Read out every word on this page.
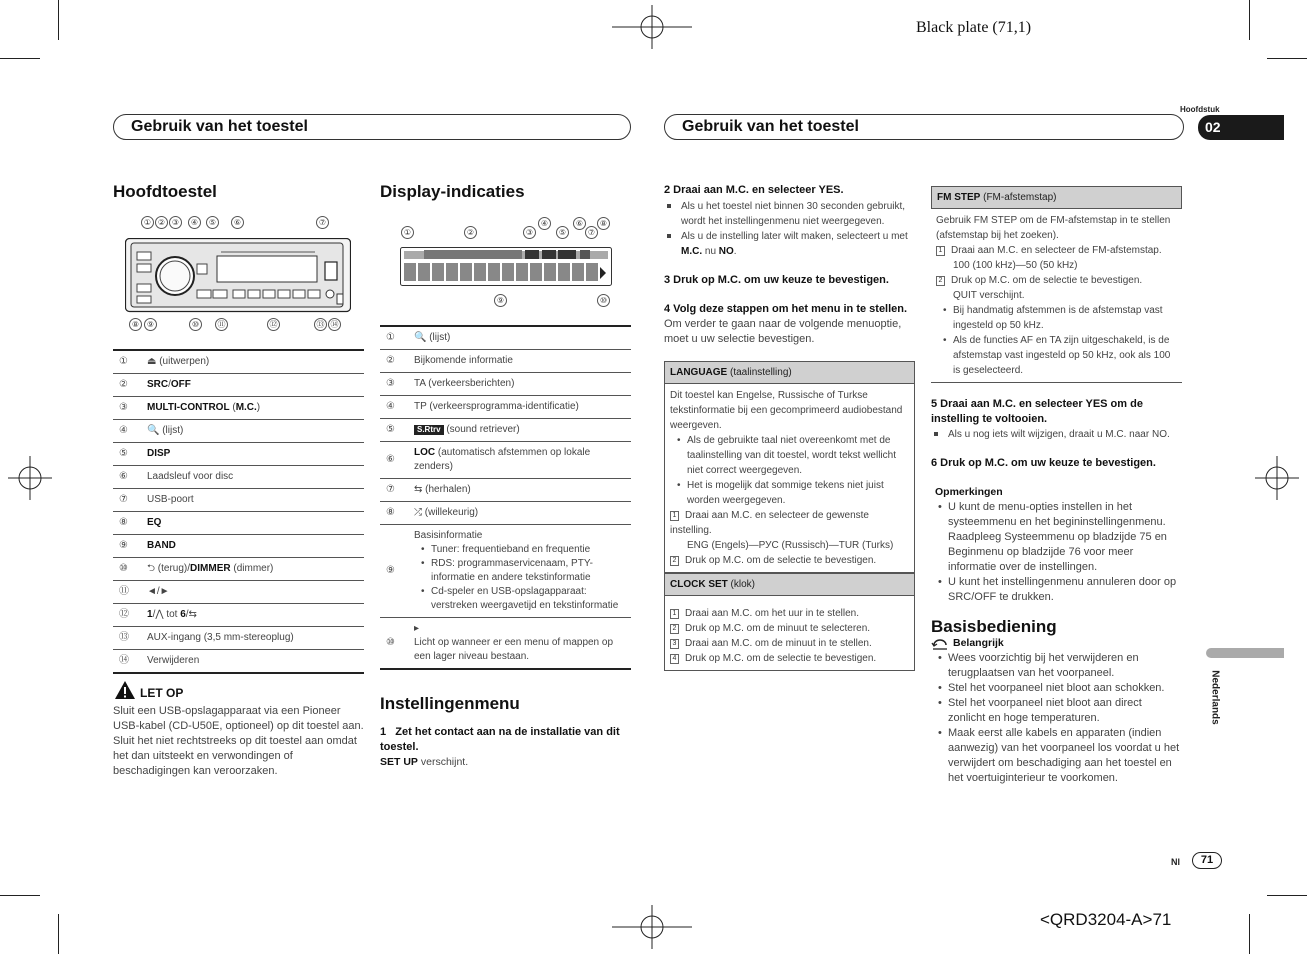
Black plate (71,1)
<QRD3204-A>71
Hoofdstuk
02
Nederlands
Nl	71
Gebruik van het toestel	Gebruik van het toestel
Hoofdtoestel
① ② ③	④	⑤	⑥	⑦
⑧ ⑨	⑩	⑪	⑫	⑬ ⑭
①	⏏ (uitwerpen)
②	SRC/OFF
③	MULTI-CONTROL (M.C.)
④	🔍 (lijst)
⑤	DISP
⑥	Laadsleuf voor disc
⑦	USB-poort
⑧	EQ
⑨	BAND
⑩	⮌ (terug)/DIMMER (dimmer)
⑪	◄/►
⑫	1/⋀ tot 6/⇆
⑬	AUX-ingang (3,5 mm-stereoplug)
⑭	Verwijderen
LET OP
Sluit een USB-opslagapparaat via een Pioneer USB-kabel (CD-U50E, optioneel) op dit toestel aan. Sluit het niet rechtstreeks op dit toestel aan omdat het dan uitsteekt en verwondingen of beschadigingen kan veroorzaken.
Display-indicaties
①	②	③
④
⑤
⑥
⑦
⑧
⑨	⑩
①	🔍 (lijst)
②	Bijkomende informatie
③	TA (verkeersberichten)
④	TP (verkeersprogramma-identificatie)
⑤	S.Rtrv (sound retriever)
⑥	LOC (automatisch afstemmen op lokale zenders)
⑦	⇆ (herhalen)
⑧	⤮ (willekeurig)
⑨	Basisinformatie
• Tuner: frequentieband en frequentie
• RDS: programmaservicenaam, PTY-informatie en andere tekstinformatie
• Cd-speler en USB-opslagapparaat: verstreken weergavetijd en tekstinformatie

⑩	▸
Licht op wanneer er een menu of mappen op een lager niveau bestaan.
Instellingenmenu
1 Zet het contact aan na de installatie van dit toestel.
SET UP verschijnt.
2 Draai aan M.C. en selecteer YES.
Als u het toestel niet binnen 30 seconden gebruikt, wordt het instellingenmenu niet weergegeven.
Als u de instelling later wilt maken, selecteert u met M.C. nu NO.
3 Druk op M.C. om uw keuze te bevestigen.
4 Volg deze stappen om het menu in te stellen.
Om verder te gaan naar de volgende menuoptie, moet u uw selectie bevestigen.
LANGUAGE (taalinstelling)
Dit toestel kan Engelse, Russische of Turkse tekstinformatie bij een gecomprimeerd audiobestand weergeven.
• Als de gebruikte taal niet overeenkomt met de taalinstelling van dit toestel, wordt tekst wellicht niet correct weergegeven.
• Het is mogelijk dat sommige tekens niet juist worden weergegeven.
1 Draai aan M.C. en selecteer de gewenste instelling.
ENG (Engels)—РУС (Russisch)—TUR (Turks)
2 Druk op M.C. om de selectie te bevestigen.
CLOCK SET (klok)
1 Draai aan M.C. om het uur in te stellen.
2 Druk op M.C. om de minuut te selecteren.
3 Draai aan M.C. om de minuut in te stellen.
4 Druk op M.C. om de selectie te bevestigen.
FM STEP (FM-afstemstap)
Gebruik FM STEP om de FM-afstemstap in te stellen (afstemstap bij het zoeken).
1 Draai aan M.C. en selecteer de FM-afstemstap.
100 (100 kHz)—50 (50 kHz)
2 Druk op M.C. om de selectie te bevestigen.
QUIT verschijnt.
• Bij handmatig afstemmen is de afstemstap vast ingesteld op 50 kHz.
• Als de functies AF en TA zijn uitgeschakeld, is de afstemstap vast ingesteld op 50 kHz, ook als 100 is geselecteerd.
5 Draai aan M.C. en selecteer YES om de instelling te voltooien.
Als u nog iets wilt wijzigen, draait u M.C. naar NO.
6 Druk op M.C. om uw keuze te bevestigen.
Opmerkingen
• U kunt de menu-opties instellen in het systeemmenu en het begininstellingenmenu. Raadpleeg Systeemmenu op bladzijde 75 en Beginmenu op bladzijde 76 voor meer informatie over de instellingen.
• U kunt het instellingenmenu annuleren door op SRC/OFF te drukken.
Basisbediening
Belangrijk
• Wees voorzichtig bij het verwijderen en terugplaatsen van het voorpaneel.
• Stel het voorpaneel niet bloot aan schokken.
• Stel het voorpaneel niet bloot aan direct zonlicht en hoge temperaturen.
• Maak eerst alle kabels en apparaten (indien aanwezig) van het voorpaneel los voordat u het verwijdert om beschadiging aan het toestel en het voertuiginterieur te voorkomen.
